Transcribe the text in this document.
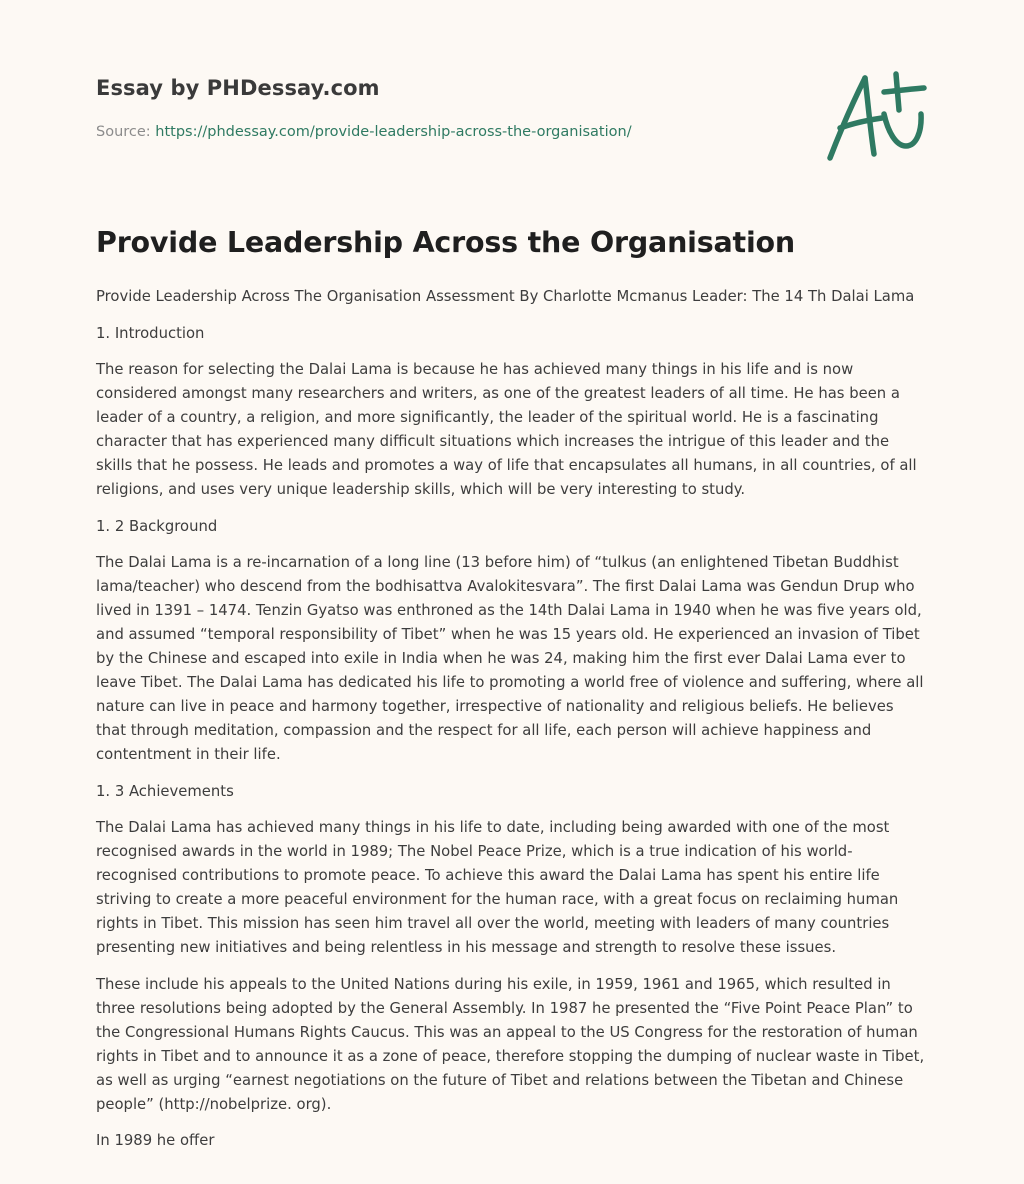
Essay by PHDessay.com

Source: https://phdessay.com/provide-leadership-across-the-organisation/

Provide Leadership Across the Organisation

Provide Leadership Across The Organisation Assessment By Charlotte Mcmanus Leader: The 14 Th Dalai Lama

1. Introduction

The reason for selecting the Dalai Lama is because he has achieved many things in his life and is now considered amongst many researchers and writers, as one of the greatest leaders of all time. He has been a leader of a country, a religion, and more significantly, the leader of the spiritual world. He is a fascinating character that has experienced many difficult situations which increases the intrigue of this leader and the skills that he possess. He leads and promotes a way of life that encapsulates all humans, in all countries, of all religions, and uses very unique leadership skills, which will be very interesting to study.

1. 2 Background

The Dalai Lama is a re-incarnation of a long line (13 before him) of “tulkus (an enlightened Tibetan Buddhist lama/teacher) who descend from the bodhisattva Avalokitesvara”. The first Dalai Lama was Gendun Drup who lived in 1391 – 1474. Tenzin Gyatso was enthroned as the 14th Dalai Lama in 1940 when he was five years old, and assumed “temporal responsibility of Tibet” when he was 15 years old. He experienced an invasion of Tibet by the Chinese and escaped into exile in India when he was 24, making him the first ever Dalai Lama ever to leave Tibet. The Dalai Lama has dedicated his life to promoting a world free of violence and suffering, where all nature can live in peace and harmony together, irrespective of nationality and religious beliefs. He believes that through meditation, compassion and the respect for all life, each person will achieve happiness and contentment in their life.

1. 3 Achievements

The Dalai Lama has achieved many things in his life to date, including being awarded with one of the most recognised awards in the world in 1989; The Nobel Peace Prize, which is a true indication of his world-recognised contributions to promote peace. To achieve this award the Dalai Lama has spent his entire life striving to create a more peaceful environment for the human race, with a great focus on reclaiming human rights in Tibet. This mission has seen him travel all over the world, meeting with leaders of many countries presenting new initiatives and being relentless in his message and strength to resolve these issues.

These include his appeals to the United Nations during his exile, in 1959, 1961 and 1965, which resulted in three resolutions being adopted by the General Assembly. In 1987 he presented the “Five Point Peace Plan” to the Congressional Humans Rights Caucus. This was an appeal to the US Congress for the restoration of human rights in Tibet and to announce it as a zone of peace, therefore stopping the dumping of nuclear waste in Tibet, as well as urging “earnest negotiations on the future of Tibet and relations between the Tibetan and Chinese people” (http://nobelprize. org).

In 1989 he offer
